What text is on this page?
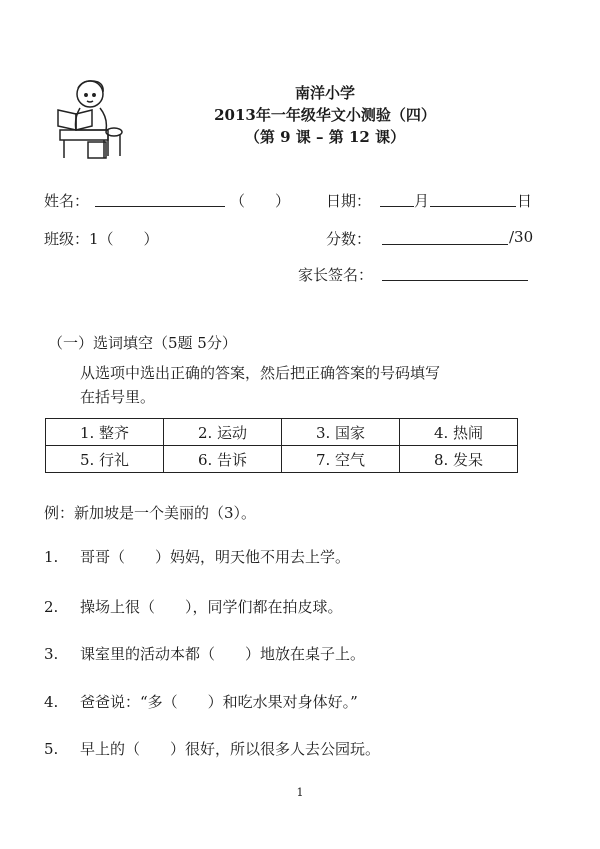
南洋小学
2013年一年级华文小测验（四）
（第 9 课 – 第 12 课）
姓名：	（　　） 日期：	月	日
班级：1（　　）	分数：	/30
家长签名：
（一）选词填空（5题 5分）
从选项中选出正确的答案，然后把正确答案的号码填写
在括号里。
1. 整齐	2. 运动	3. 国家	4. 热闹
5. 行礼	6. 告诉	7. 空气	8. 发呆
例：新加坡是一个美丽的（3）。
1. 哥哥（　　）妈妈，明天他不用去上学。
2. 操场上很（　　），同学们都在拍皮球。
3. 课室里的活动本都（　　）地放在桌子上。
4. 爸爸说：“多（　　）和吃水果对身体好。”
5. 早上的（　　）很好，所以很多人去公园玩。
1
